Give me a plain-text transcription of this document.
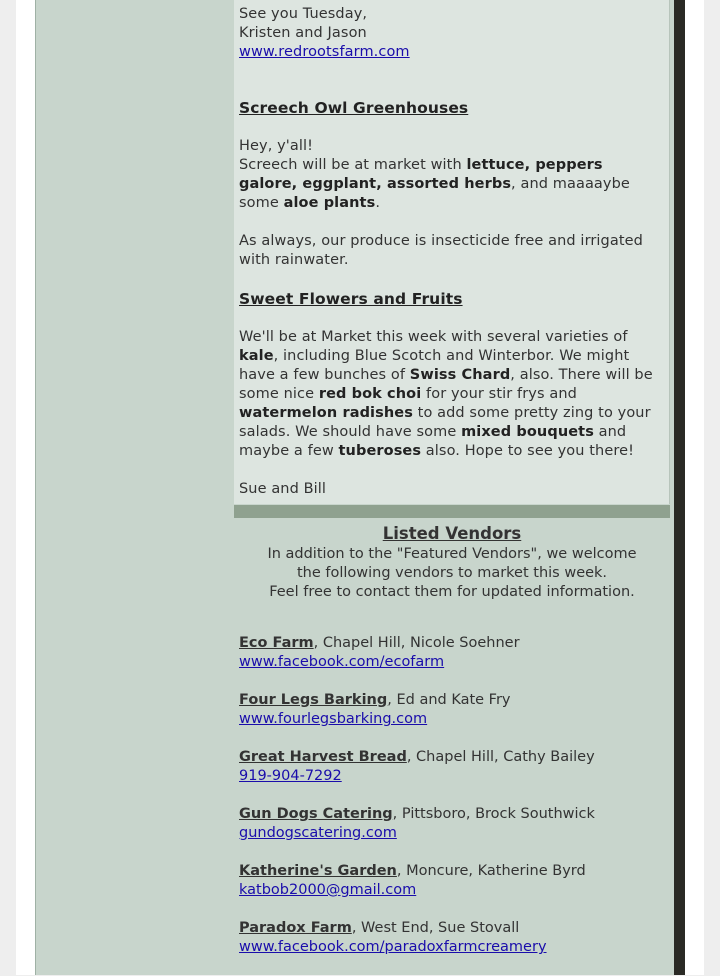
See you Tuesday,

Kristen and Jason

www.redrootsfarm.com

Screech Owl Greenhouses

Hey, y'all!

Screech will be at market with lettuce, peppers galore, eggplant, assorted herbs, and maaaaybe some aloe plants.

As always, our produce is insecticide free and irrigated with rainwater.

Sweet Flowers and Fruits

We'll be at Market this week with several varieties of kale, including Blue Scotch and Winterbor. We might have a few bunches of Swiss Chard, also. There will be some nice red bok choi for your stir frys and watermelon radishes to add some pretty zing to your salads. We should have some mixed bouquets and maybe a few tuberoses also. Hope to see you there!

Sue and Bill

Listed Vendors
In addition to the "Featured Vendors", we welcome
the following vendors to market this week.
Feel free to contact them for updated information.
Eco Farm, Chapel Hill, Nicole Soehner
www.facebook.com/ecofarm
Four Legs Barking, Ed and Kate Fry
www.fourlegsbarking.com
Great Harvest Bread, Chapel Hill, Cathy Bailey
919-904-7292
Gun Dogs Catering, Pittsboro, Brock Southwick
gundogscatering.com
Katherine's Garden, Moncure, Katherine Byrd
katbob2000@gmail.com
Paradox Farm, West End, Sue Stovall
www.facebook.com/paradoxfarmcreamery
